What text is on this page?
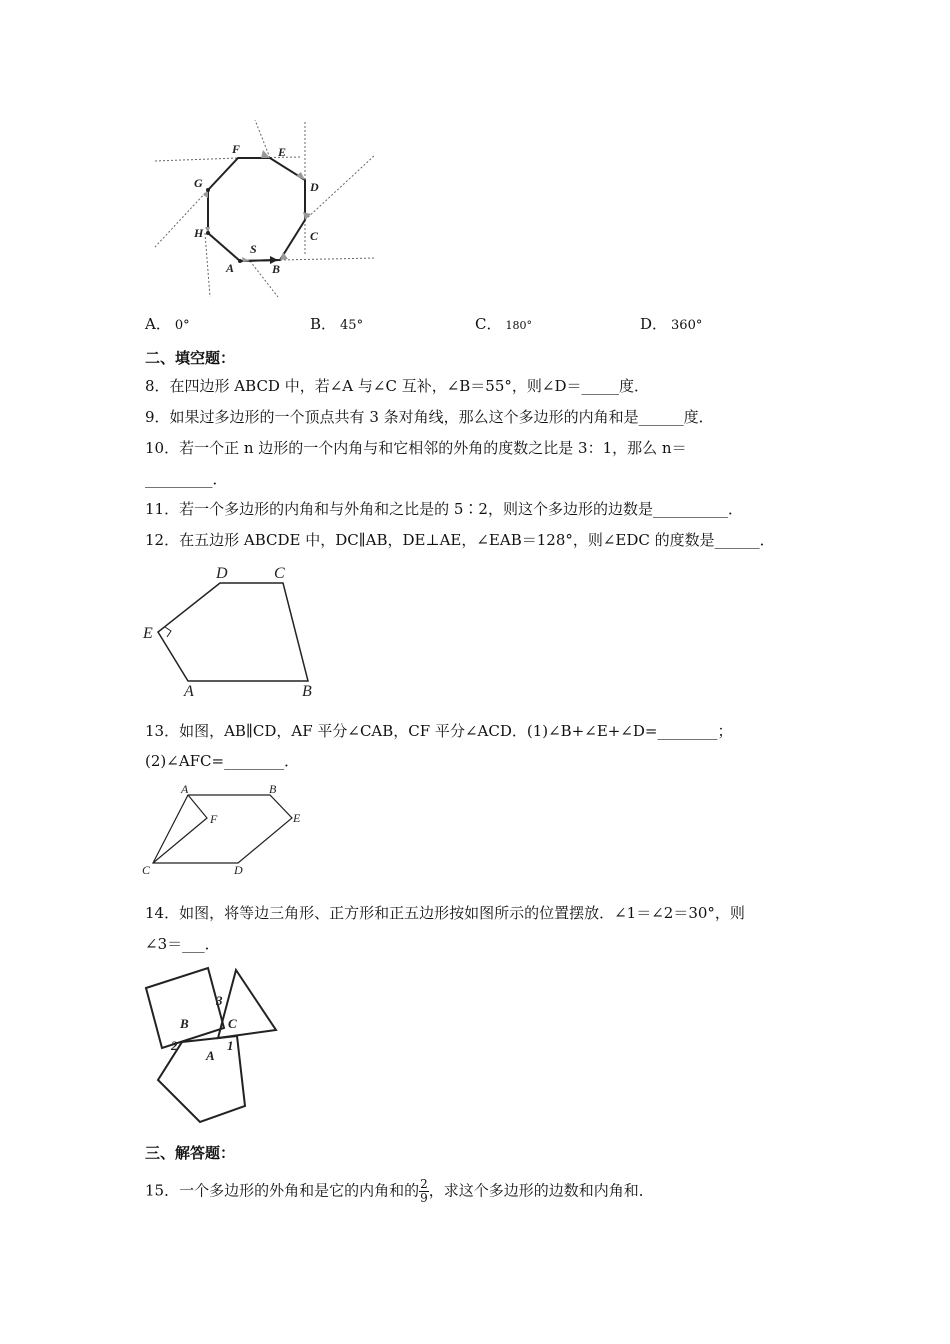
F	E
G	D
H	C
S
A	B
A． 0°	B． 45°	C． 180°	D． 360°
二、填空题：
8．在四边形 ABCD 中，若∠A 与∠C 互补，∠B＝55°，则∠D＝_____度．
9．如果过多边形的一个顶点共有 3 条对角线，那么这个多边形的内角和是______度．
10．若一个正 n 边形的一个内角与和它相邻的外角的度数之比是 3：1，那么 n＝
_________．
11．若一个多边形的内角和与外角和之比是的 5∶2，则这个多边形的边数是__________．
12．在五边形 ABCDE 中，DC∥AB，DE⊥AE，∠EAB＝128°，则∠EDC 的度数是______．
D	C
E
A	B
13．如图，AB∥CD，AF 平分∠CAB，CF 平分∠ACD．(1)∠B+∠E+∠D=________；
(2)∠AFC=________．
A	B
F	E
C	D
14．如图，将等边三角形、正方形和正五边形按如图所示的位置摆放．∠1＝∠2＝30°，则
∠3＝___．
3
B	C
2
A
1
三、解答题：
15．一个多边形的外角和是它的内角和的 $\frac{2}{9}$ ，求这个多边形的边数和内角和．
